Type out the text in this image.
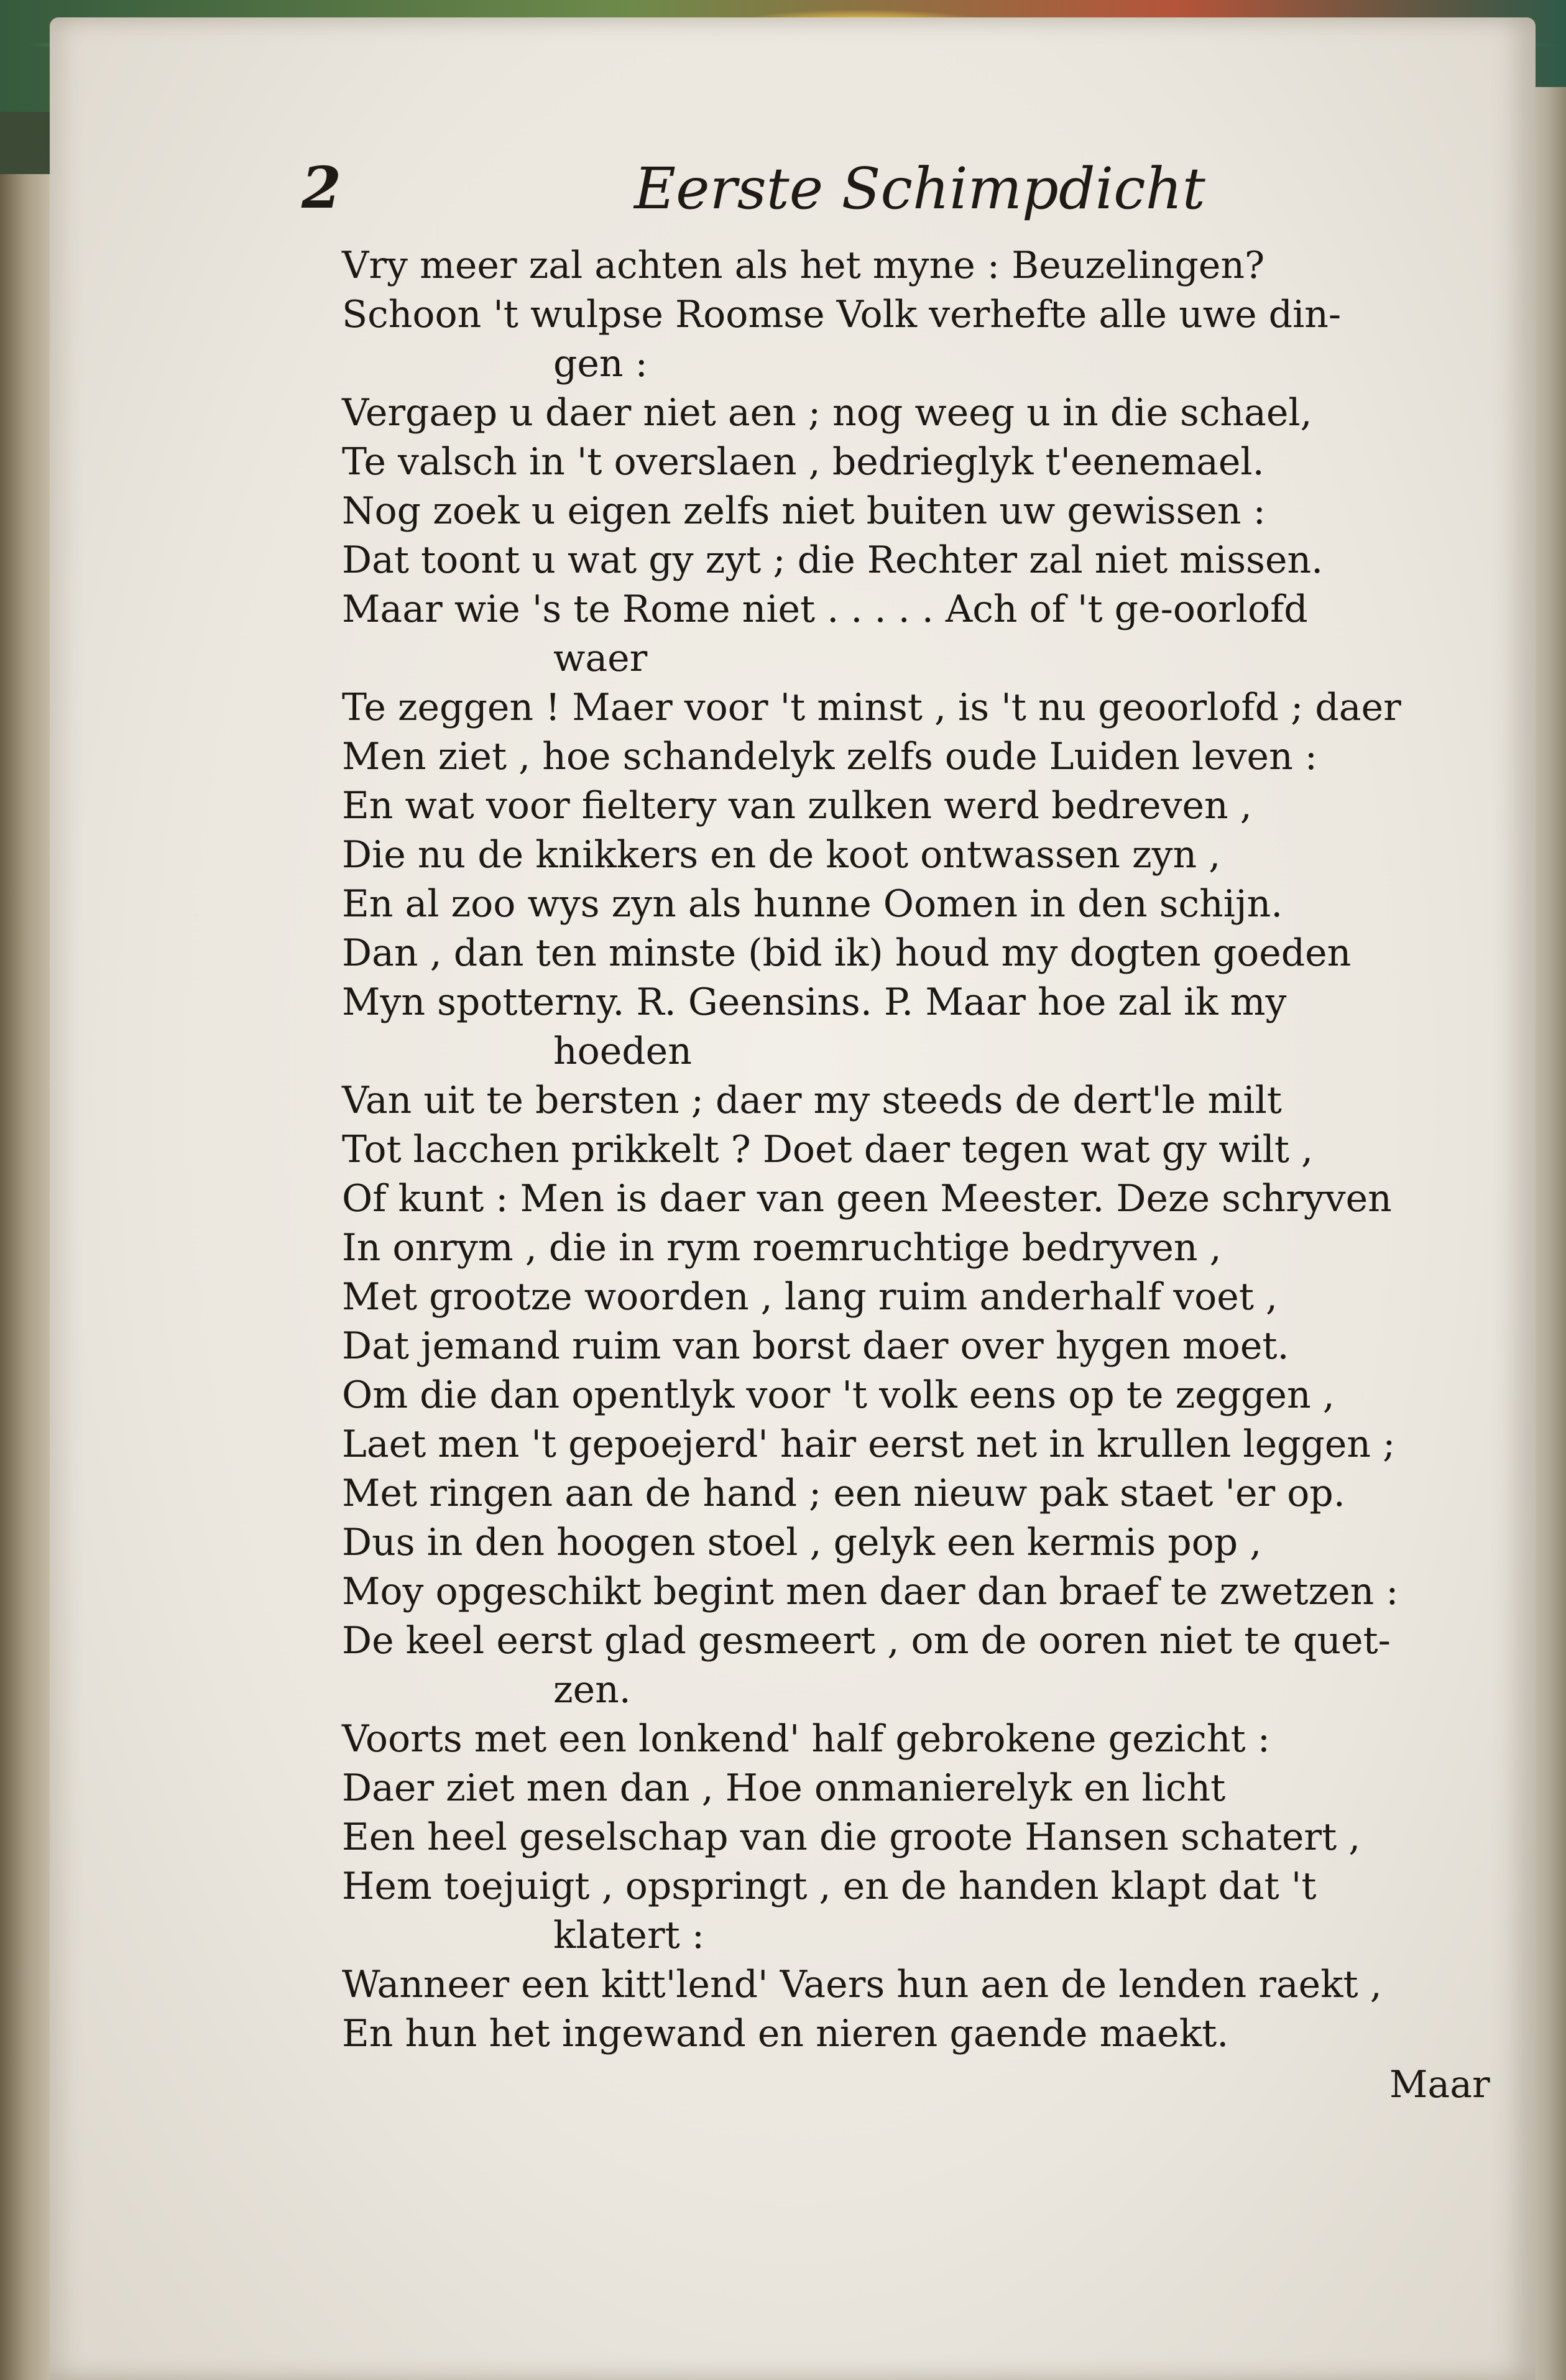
2	Eerste Schimpdicht

Vry meer zal achten als het myne : Beuzelingen?
Schoon 't wulpse Roomse Volk verhefte alle uwe din-
gen :
Vergaep u daer niet aen ; nog weeg u in die schael,
Te valsch in 't overslaen , bedrieglyk t'eenemael.
Nog zoek u eigen zelfs niet buiten uw gewissen :
Dat toont u wat gy zyt ; die Rechter zal niet missen.
Maar wie 's te Rome niet . . . . . Ach of 't ge-oorlofd
waer
Te zeggen ! Maer voor 't minst , is 't nu geoorlofd ; daer
Men ziet , hoe schandelyk zelfs oude Luiden leven :
En wat voor fieltery van zulken werd bedreven ,
Die nu de knikkers en de koot ontwassen zyn ,
En al zoo wys zyn als hunne Oomen in den schijn.
Dan , dan ten minste (bid ik) houd my dogten goeden
Myn spotterny. R. Geensins. P. Maar hoe zal ik my
hoeden
Van uit te bersten ; daer my steeds de dert'le milt
Tot lacchen prikkelt ? Doet daer tegen wat gy wilt ,
Of kunt : Men is daer van geen Meester. Deze schryven
In onrym , die in rym roemruchtige bedryven ,
Met grootze woorden , lang ruim anderhalf voet ,
Dat jemand ruim van borst daer over hygen moet.
Om die dan opentlyk voor 't volk eens op te zeggen ,
Laet men 't gepoejerd' hair eerst net in krullen leggen ;
Met ringen aan de hand ; een nieuw pak staet 'er op.
Dus in den hoogen stoel , gelyk een kermis pop ,
Moy opgeschikt begint men daer dan braef te zwetzen :
De keel eerst glad gesmeert , om de ooren niet te quet-
zen.
Voorts met een lonkend' half gebrokene gezicht :
Daer ziet men dan , Hoe onmanierelyk en licht
Een heel geselschap van die groote Hansen schatert ,
Hem toejuigt , opspringt , en de handen klapt dat 't
klatert :
Wanneer een kitt'lend' Vaers hun aen de lenden raekt ,
En hun het ingewand en nieren gaende maekt.
Maar
